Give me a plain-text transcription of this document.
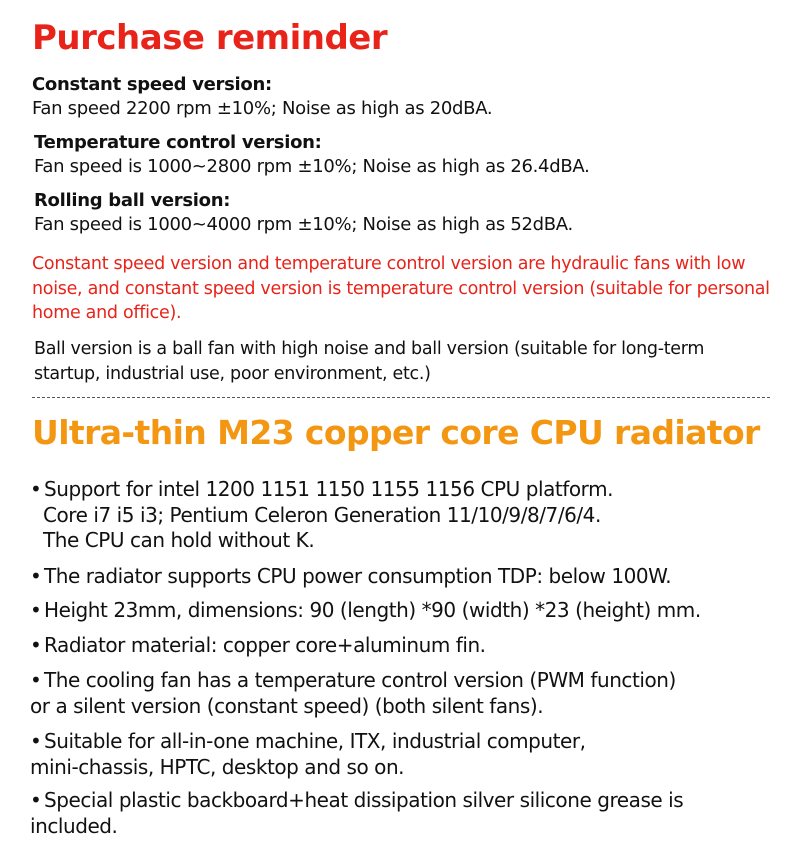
Purchase reminder
Constant speed version:
Fan speed 2200 rpm ±10%; Noise as high as 20dBA.
Temperature control version:
Fan speed is 1000~2800 rpm ±10%; Noise as high as 26.4dBA.
Rolling ball version:
Fan speed is 1000~4000 rpm ±10%; Noise as high as 52dBA.
Constant speed version and temperature control version are hydraulic fans with low noise, and constant speed version is temperature control version (suitable for personal home and office).
Ball version is a ball fan with high noise and ball version (suitable for long-term startup, industrial use, poor environment, etc.)
Ultra-thin M23 copper core CPU radiator
• Support for intel 1200 1151 1150 1155 1156 CPU platform.
Core i7 i5 i3; Pentium Celeron Generation 11/10/9/8/7/6/4.
The CPU can hold without K.
• The radiator supports CPU power consumption TDP: below 100W.
• Height 23mm, dimensions: 90 (length) *90 (width) *23 (height) mm.
• Radiator material: copper core+aluminum fin.
• The cooling fan has a temperature control version (PWM function)
or a silent version (constant speed) (both silent fans).
• Suitable for all-in-one machine, ITX, industrial computer,
mini-chassis, HPTC, desktop and so on.
• Special plastic backboard+heat dissipation silver silicone grease is
included.
